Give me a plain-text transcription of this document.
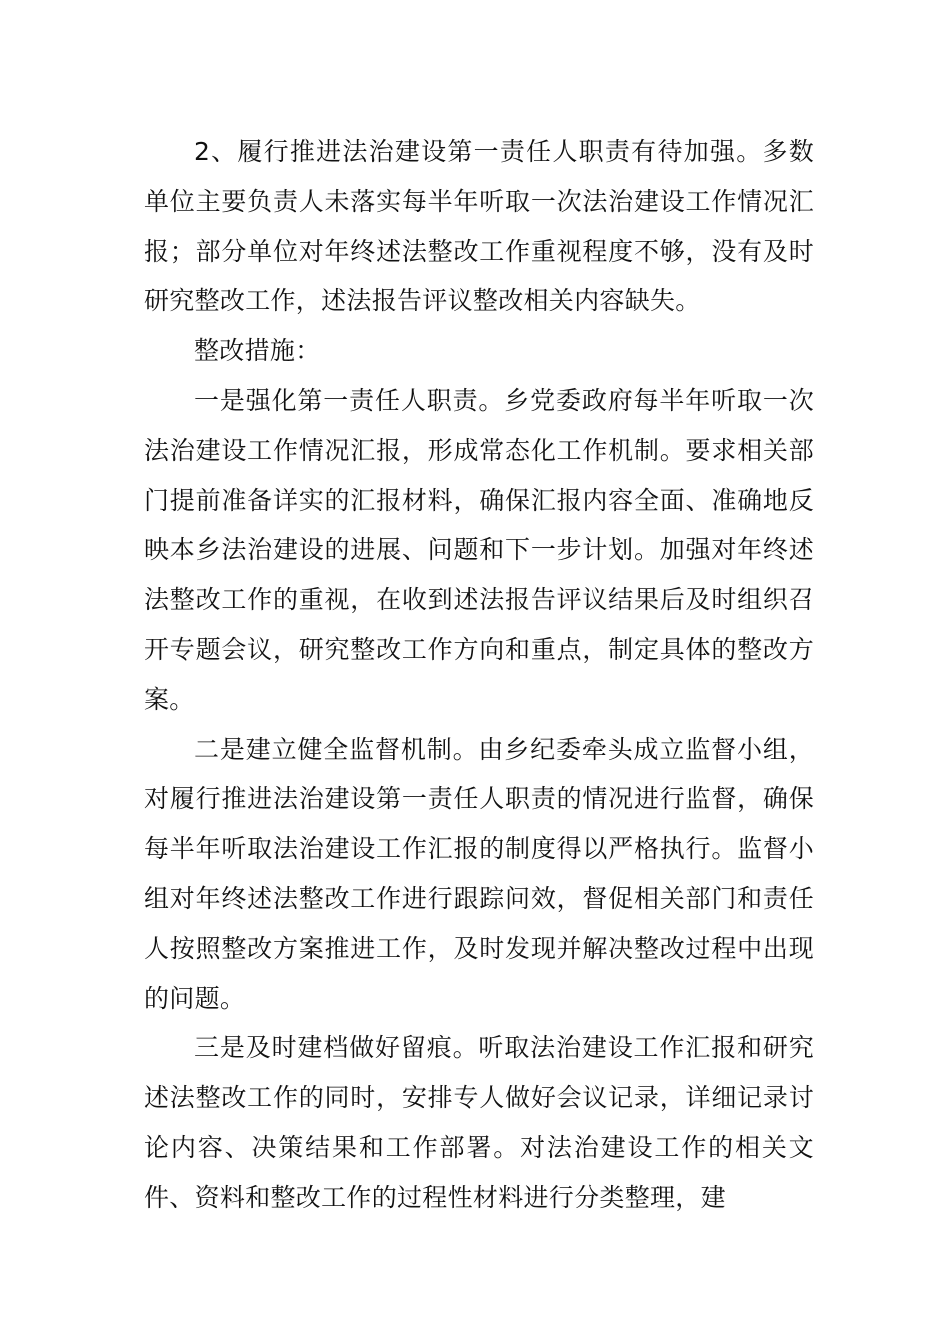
2、履行推进法治建设第一责任人职责有待加强。多数单位主要负责人未落实每半年听取一次法治建设工作情况汇报；部分单位对年终述法整改工作重视程度不够，没有及时研究整改工作，述法报告评议整改相关内容缺失。

整改措施：

一是强化第一责任人职责。乡党委政府每半年听取一次法治建设工作情况汇报，形成常态化工作机制。要求相关部门提前准备详实的汇报材料，确保汇报内容全面、准确地反映本乡法治建设的进展、问题和下一步计划。加强对年终述法整改工作的重视，在收到述法报告评议结果后及时组织召开专题会议，研究整改工作方向和重点，制定具体的整改方案。

二是建立健全监督机制。由乡纪委牵头成立监督小组，对履行推进法治建设第一责任人职责的情况进行监督，确保每半年听取法治建设工作汇报的制度得以严格执行。监督小组对年终述法整改工作进行跟踪问效，督促相关部门和责任人按照整改方案推进工作，及时发现并解决整改过程中出现的问题。

三是及时建档做好留痕。听取法治建设工作汇报和研究述法整改工作的同时，安排专人做好会议记录，详细记录讨论内容、决策结果和工作部署。对法治建设工作的相关文件、资料和整改工作的过程性材料进行分类整理，建
